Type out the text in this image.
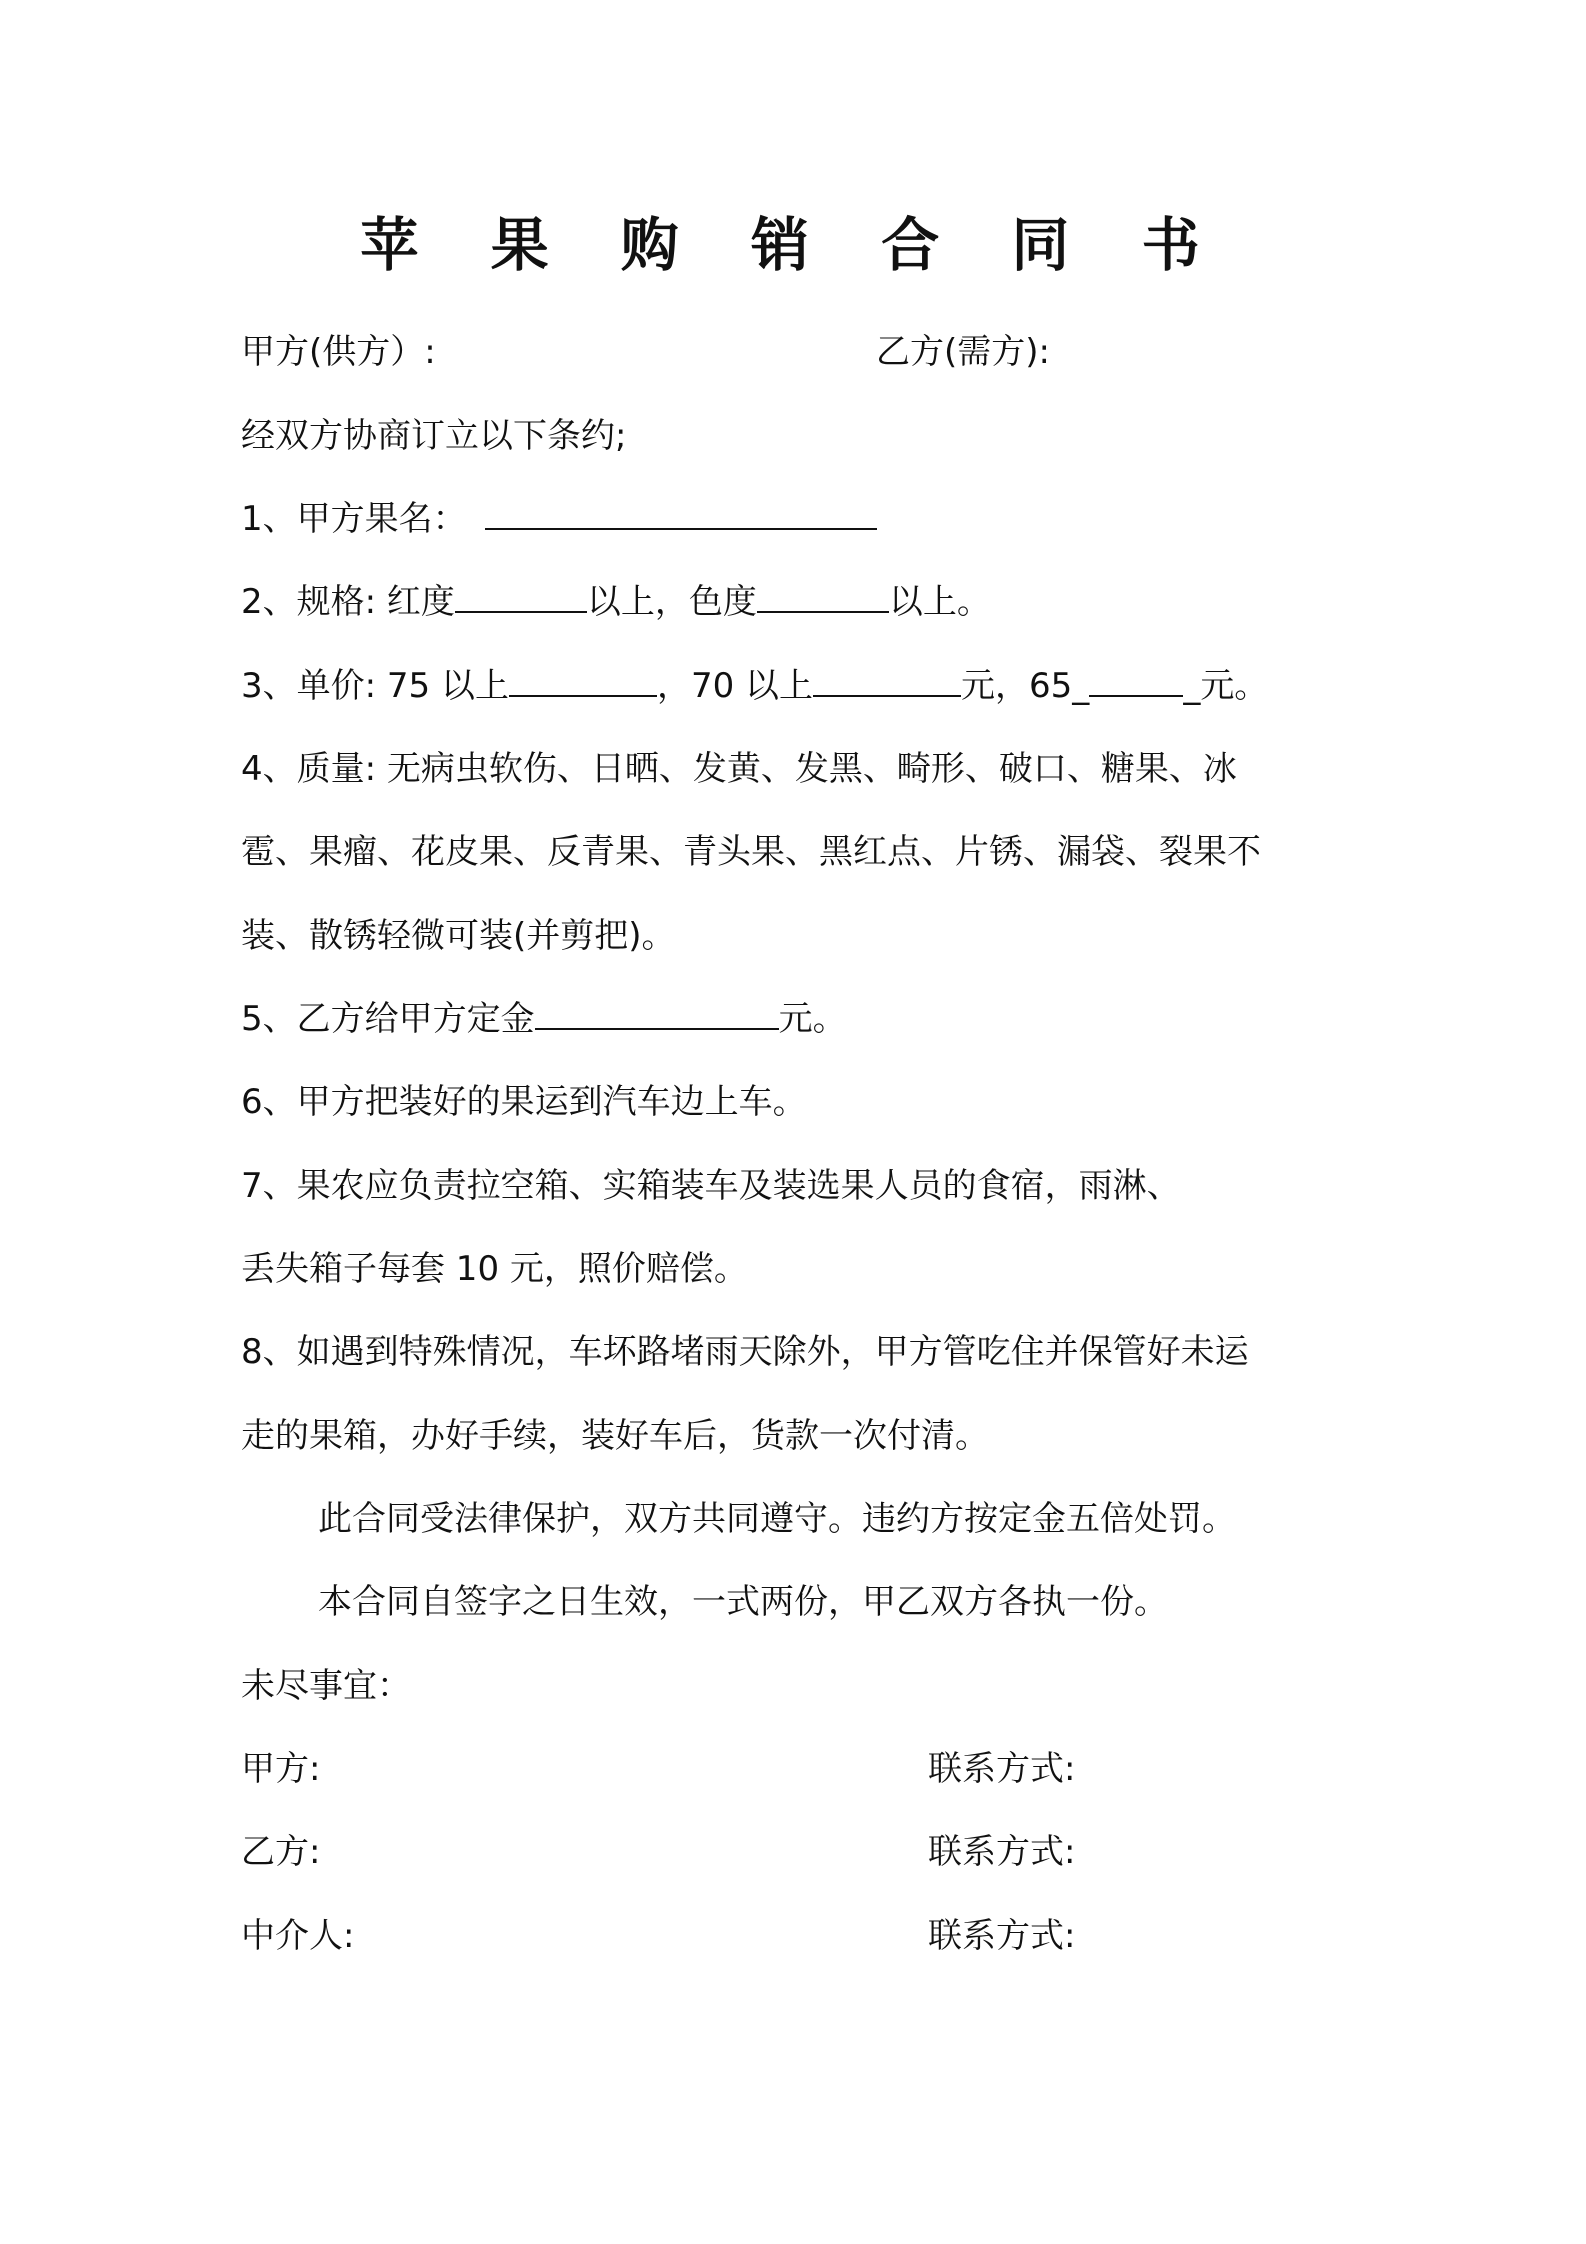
苹 果 购 销 合 同 书
甲方(供方）:	乙方(需方):
经双方协商订立以下条约;
1、甲方果名：
2、规格: 红度	以上，色度	以上。
3、单价: 75 以上	，70 以上	元，65_	_元。
4、质量: 无病虫软伤、日晒、发黄、发黑、畸形、破口、糖果、冰
雹、果瘤、花皮果、反青果、青头果、黑红点、片锈、漏袋、裂果不
装、散锈轻微可装(并剪把)。
5、乙方给甲方定金	元。
6、甲方把装好的果运到汽车边上车。
7、果农应负责拉空箱、实箱装车及装选果人员的食宿，雨淋、
丢失箱子每套 10 元，照价赔偿。
8、如遇到特殊情况，车坏路堵雨天除外，甲方管吃住并保管好未运
走的果箱，办好手续，装好车后，货款一次付清。
此合同受法律保护，双方共同遵守。违约方按定金五倍处罚。
本合同自签字之日生效，一式两份，甲乙双方各执一份。
未尽事宜：
甲方:	联系方式:
乙方:	联系方式:
中介人:	联系方式:
